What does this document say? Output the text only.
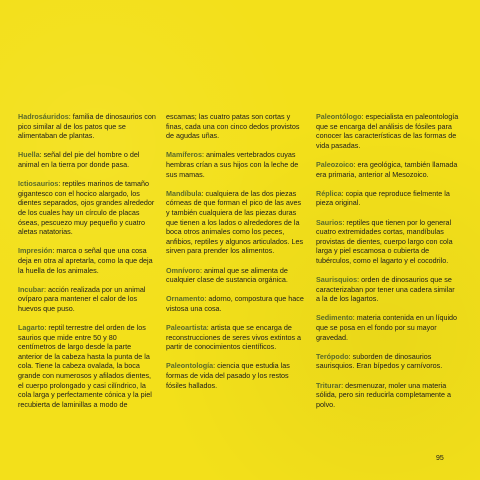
Hadrosáuridos: familia de dinosaurios con pico similar al de los patos que se alimentaban de plantas.

Huella: señal del pie del hombre o del animal en la tierra por donde pasa.

Ictiosaurios: reptiles marinos de tamaño gigantesco con el hocico alargado, los dientes separados, ojos grandes alrededor de los cuales hay un círculo de placas óseas, pescuezo muy pequeño y cuatro aletas natatorias.

Impresión: marca o señal que una cosa deja en otra al apretarla, como la que deja la huella de los animales.

Incubar: acción realizada por un animal ovíparo para mantener el calor de los huevos que puso.

Lagarto: reptil terrestre del orden de los saurios que mide entre 50 y 80 centímetros de largo desde la parte anterior de la cabeza hasta la punta de la cola. Tiene la cabeza ovalada, la boca grande con numerosos y afilados dientes, el cuerpo prolongado y casi cilíndrico, la cola larga y perfectamente cónica y la piel recubierta de laminillas a modo de

escamas; las cuatro patas son cortas y finas, cada una con cinco dedos provistos de agudas uñas.

Mamíferos: animales vertebrados cuyas hembras crían a sus hijos con la leche de sus mamas.

Mandíbula: cualquiera de las dos piezas córneas de que forman el pico de las aves y también cualquiera de las piezas duras que tienen a los lados o alrededores de la boca otros animales como los peces, anfibios, reptiles y algunos articulados. Les sirven para prender los alimentos.

Omnívoro: animal que se alimenta de cualquier clase de sustancia orgánica.

Ornamento: adorno, compostura que hace vistosa una cosa.

Paleoartista: artista que se encarga de reconstrucciones de seres vivos extintos a partir de conocimientos científicos.

Paleontología: ciencia que estudia las formas de vida del pasado y los restos fósiles hallados.

Paleontólogo: especialista en paleontología que se encarga del análisis de fósiles para conocer las características de las formas de vida pasadas.

Paleozoico: era geológica, también llamada era primaria, anterior al Mesozoico.

Réplica: copia que reproduce fielmente la pieza original.

Saurios: reptiles que tienen por lo general cuatro extremidades cortas, mandíbulas provistas de dientes, cuerpo largo con cola larga y piel escamosa o cubierta de tubérculos, como el lagarto y el cocodrilo.

Saurisquios: orden de dinosaurios que se caracterizaban por tener una cadera similar a la de los lagartos.

Sedimento: materia contenida en un líquido que se posa en el fondo por su mayor gravedad.

Terópodo: suborden de dinosaurios saurisquios. Eran bípedos y carnívoros.

Triturar: desmenuzar, moler una materia sólida, pero sin reducirla completamente a polvo.

95
